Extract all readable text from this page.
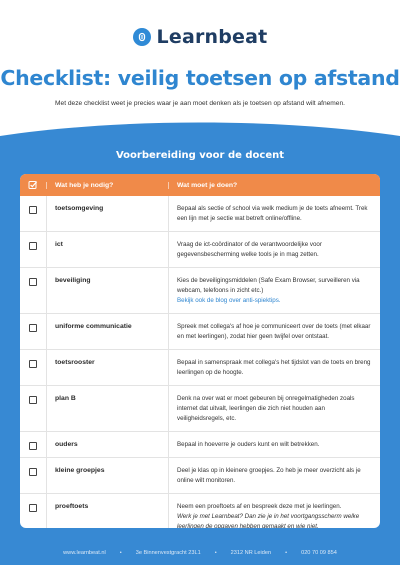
Learnbeat
Checklist: veilig toetsen op afstand
Met deze checklist weet je precies waar je aan moet denken als je toetsen op afstand wilt afnemen.
Voorbereiding voor de docent
Wat heb je nodig?	Wat moet je doen?
toetsomgeving	Bepaal als sectie of school via welk medium je de toets afneemt. Trek een lijn met je sectie wat betreft online/offline.
ict	Vraag de ict-coördinator of de verantwoordelijke voor gegevensbescherming welke tools je in mag zetten.
beveiliging	Kies de beveiligingsmiddelen (Safe Exam Browser, surveilleren via webcam, telefoons in zicht etc.)
Bekijk ook de blog over anti-spiektips.
uniforme communicatie	Spreek met collega's af hoe je communiceert over de toets (met elkaar en met leerlingen), zodat hier geen twijfel over ontstaat.
toetsrooster	Bepaal in samenspraak met collega's het tijdslot van de toets en breng leerlingen op de hoogte.
plan B	Denk na over wat er moet gebeuren bij onregelmatigheden zoals internet dat uitvalt, leerlingen die zich niet houden aan veiligheidsregels, etc.
ouders	Bepaal in hoeverre je ouders kunt en wilt betrekken.
kleine groepjes	Deel je klas op in kleinere groepjes. Zo heb je meer overzicht als je online wilt monitoren.
proeftoets	Neem een proeftoets af en bespreek deze met je leerlingen.
Werk je met Learnbeat? Dan zie je in het voortgangsscherm welke leerlingen de opgaven hebben gemaakt en wie niet.
www.learnbeat.nl	•	3e Binnenvestgracht 23L1	•	2312 NR Leiden	•	020 70 09 854
